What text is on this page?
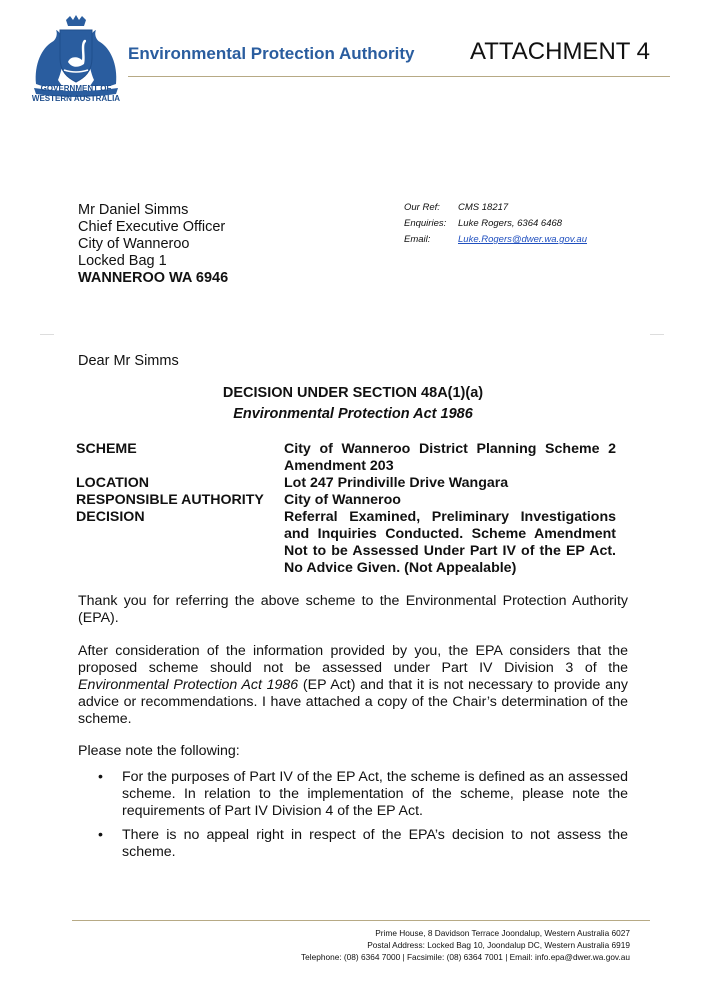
GOVERNMENT OF
WESTERN AUSTRALIA
Environmental Protection Authority ATTACHMENT 4
Mr Daniel Simms
Chief Executive Officer
City of Wanneroo
Locked Bag 1
WANNEROO WA 6946
Our Ref: CMS 18217
Enquiries: Luke Rogers, 6364 6468
Email:	Luke.Rogers@dwer.wa.gov.au
Dear Mr Simms
DECISION UNDER SECTION 48A(1)(a)
Environmental Protection Act 1986
SCHEME	City of Wanneroo District Planning Scheme 2 Amendment 203
LOCATION	Lot 247 Prindiville Drive Wangara
RESPONSIBLE AUTHORITY	City of Wanneroo
DECISION	Referral Examined, Preliminary Investigations and Inquiries Conducted. Scheme Amendment Not to be Assessed Under Part IV of the EP Act. No Advice Given. (Not Appealable)
Thank you for referring the above scheme to the Environmental Protection Authority (EPA).
After consideration of the information provided by you, the EPA considers that the proposed scheme should not be assessed under Part IV Division 3 of the Environmental Protection Act 1986 (EP Act) and that it is not necessary to provide any advice or recommendations. I have attached a copy of the Chair’s determination of the scheme.
Please note the following:
•	For the purposes of Part IV of the EP Act, the scheme is defined as an assessed scheme. In relation to the implementation of the scheme, please note the requirements of Part IV Division 4 of the EP Act.
•	There is no appeal right in respect of the EPA’s decision to not assess the scheme.
Prime House, 8 Davidson Terrace Joondalup, Western Australia 6027
Postal Address: Locked Bag 10, Joondalup DC, Western Australia 6919
Telephone: (08) 6364 7000 | Facsimile: (08) 6364 7001 | Email: info.epa@dwer.wa.gov.au
